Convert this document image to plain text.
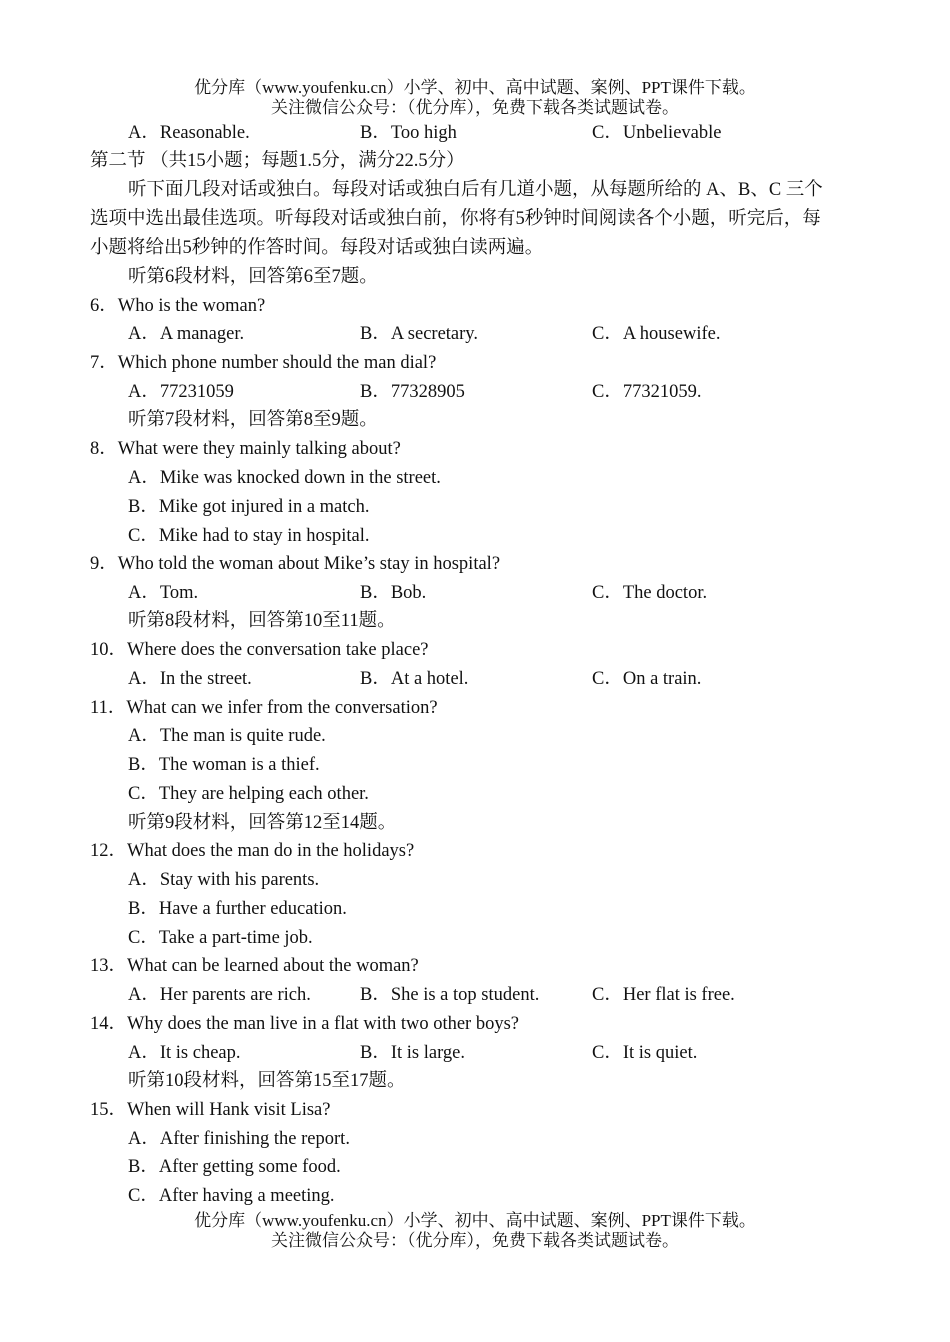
优分库（www.youfenku.cn）小学、初中、高中试题、案例、PPT课件下载。
关注微信公众号：（优分库），免费下载各类试题试卷。
A．Reasonable.	B．Too high	C．Unbelievable
第二节 （共15小题；每题1.5分，满分22.5分）
听下面几段对话或独白。每段对话或独白后有几道小题，从每题所给的 A、B、C 三个
选项中选出最佳选项。听每段对话或独白前，你将有5秒钟时间阅读各个小题，听完后，每
小题将给出5秒钟的作答时间。每段对话或独白读两遍。
听第6段材料，回答第6至7题。
6．Who is the woman?
A．A manager.	B．A secretary.	C．A housewife.
7．Which phone number should the man dial?
A．77231059	B．77328905	C．77321059.
听第7段材料，回答第8至9题。
8．What were they mainly talking about?
A．Mike was knocked down in the street.
B．Mike got injured in a match.
C．Mike had to stay in hospital.
9．Who told the woman about Mike’s stay in hospital?
A．Tom.	B．Bob.	C．The doctor.
听第8段材料，回答第10至11题。
10．Where does the conversation take place?
A．In the street.	B．At a hotel.	C．On a train.
11．What can we infer from the conversation?
A．The man is quite rude.
B．The woman is a thief.
C．They are helping each other.
听第9段材料，回答第12至14题。
12．What does the man do in the holidays?
A．Stay with his parents.
B．Have a further education.
C．Take a part-time job.
13．What can be learned about the woman?
A．Her parents are rich.	B．She is a top student.	C．Her flat is free.
14．Why does the man live in a flat with two other boys?
A．It is cheap.	B．It is large.	C．It is quiet.
听第10段材料，回答第15至17题。
15．When will Hank visit Lisa?
A．After finishing the report.
B．After getting some food.
C．After having a meeting.
优分库（www.youfenku.cn）小学、初中、高中试题、案例、PPT课件下载。
关注微信公众号：（优分库），免费下载各类试题试卷。
